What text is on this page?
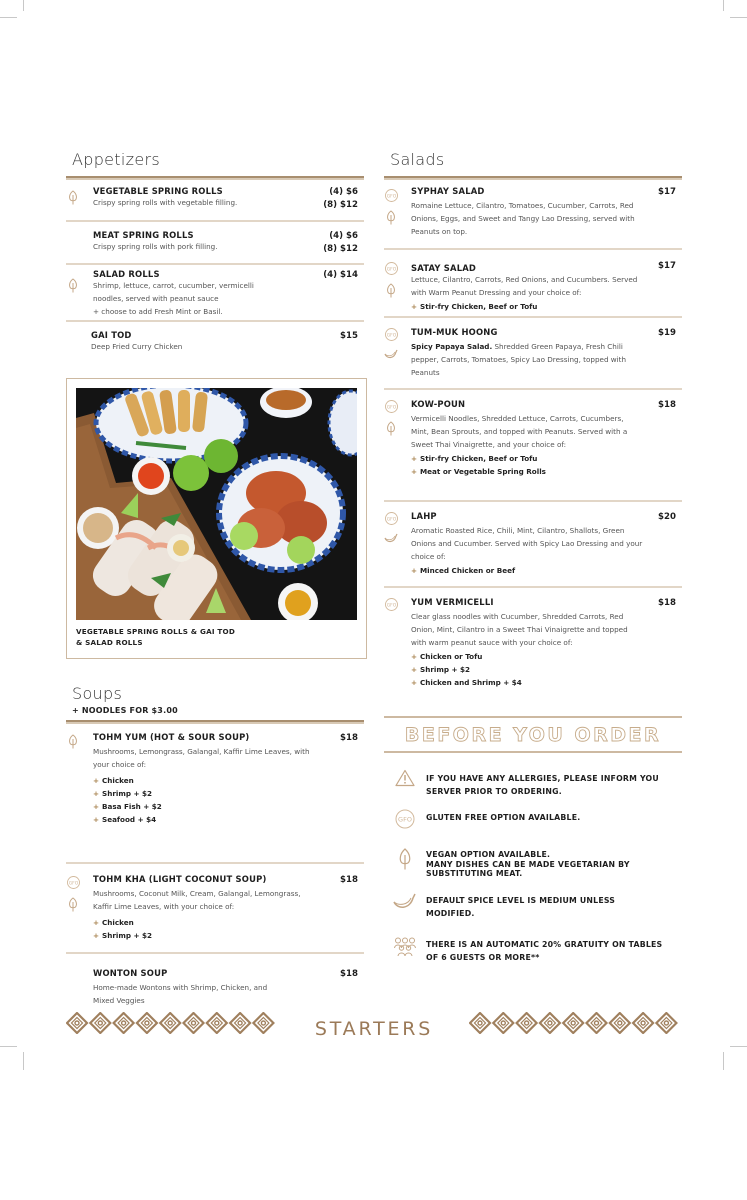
Appetizers
VEGETABLE SPRING ROLLS
Crispy spring rolls with vegetable filling.
(4) $6
(8) $12
MEAT SPRING ROLLS
Crispy spring rolls with pork filling.
(4) $6
(8) $12
SALAD ROLLS
Shrimp, lettuce, carrot, cucumber, vermicelli noodles, served with peanut sauce
+ choose to add Fresh Mint or Basil.
(4) $14
GAI TOD
Deep Fried Curry Chicken
$15
VEGETABLE SPRING ROLLS & GAI TOD
& SALAD ROLLS
Soups
+ NOODLES FOR $3.00
TOHM YUM (HOT & SOUR SOUP)	$18
Mushrooms, Lemongrass, Galangal, Kaffir Lime Leaves, with your choice of:
+ Chicken
+ Shrimp + $2
+ Basa Fish + $2
+ Seafood + $4
GFO TOHM KHA (LIGHT COCONUT SOUP)	$18
Mushrooms, Coconut Milk, Cream, Galangal, Lemongrass, Kaffir Lime Leaves, with your choice of:
+ Chicken
+ Shrimp + $2
WONTON SOUP	$18
Home-made Wontons with Shrimp, Chicken, and Mixed Veggies
Salads
GFO
SYPHAY SALAD	$17
Romaine Lettuce, Cilantro, Tomatoes, Cucumber, Carrots, Red Onions, Eggs, and Sweet and Tangy Lao Dressing, served with Peanuts on top.
GFO SATAY SALAD	$17
Lettuce, Cilantro, Carrots, Red Onions, and Cucumbers. Served with Warm Peanut Dressing and your choice of:
+ Stir-fry Chicken, Beef or Tofu
GFO TUM-MUK HOONG	$19
Spicy Papaya Salad. Shredded Green Papaya, Fresh Chili pepper, Carrots, Tomatoes, Spicy Lao Dressing, topped with Peanuts
GFO KOW-POUN	$18
Vermicelli Noodles, Shredded Lettuce, Carrots, Cucumbers, Mint, Bean Sprouts, and topped with Peanuts. Served with a Sweet Thai Vinaigrette, and your choice of:
+ Stir-fry Chicken, Beef or Tofu
+ Meat or Vegetable Spring Rolls
GFO LAHP	$20
Aromatic Roasted Rice, Chili, Mint, Cilantro, Shallots, Green Onions and Cucumber. Served with Spicy Lao Dressing and your choice of:
+ Minced Chicken or Beef
GFO YUM VERMICELLI	$18
Clear glass noodles with Cucumber, Shredded Carrots, Red Onion, Mint, Cilantro in a Sweet Thai Vinaigrette and topped with warm peanut sauce with your choice of:
+ Chicken or Tofu
+ Shrimp + $2
+ Chicken and Shrimp + $4
BEFORE YOU ORDER
IF YOU HAVE ANY ALLERGIES, PLEASE INFORM YOU SERVER PRIOR TO ORDERING.
GFO GLUTEN FREE OPTION AVAILABLE.
VEGAN OPTION AVAILABLE.
MANY DISHES CAN BE MADE VEGETARIAN BY SUBSTITUTING MEAT.
DEFAULT SPICE LEVEL IS MEDIUM UNLESS MODIFIED.
THERE IS AN AUTOMATIC 20% GRATUITY ON TABLES OF 6 GUESTS OR MORE**
STARTERS
